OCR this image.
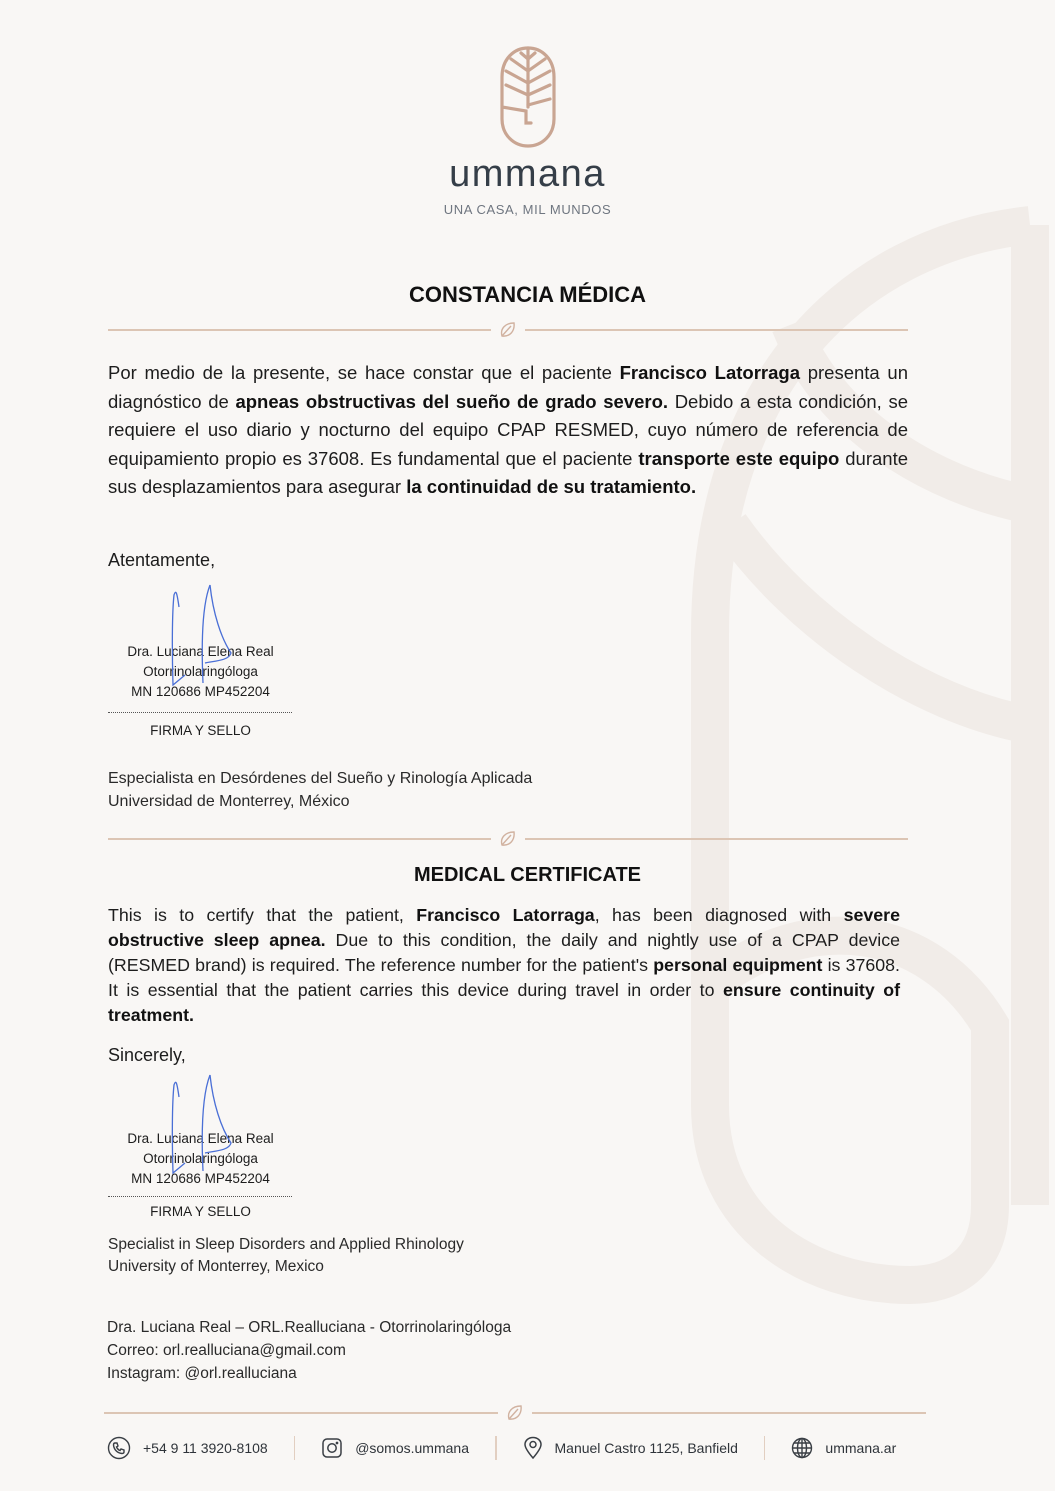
ummana
UNA CASA, MIL MUNDOS
CONSTANCIA MÉDICA
Por medio de la presente, se hace constar que el paciente Francisco Latorraga presenta un diagnóstico de apneas obstructivas del sueño de grado severo. Debido a esta condición, se requiere el uso diario y nocturno del equipo CPAP RESMED, cuyo número de referencia de equipamiento propio es 37608. Es fundamental que el paciente transporte este equipo durante sus desplazamientos para asegurar la continuidad de su tratamiento.
Atentamente,
Dra. Luciana Elena Real
Otorrinolaringóloga
MN 120686 MP452204
FIRMA Y SELLO
Especialista en Desórdenes del Sueño y Rinología Aplicada
Universidad de Monterrey, México
MEDICAL CERTIFICATE
This is to certify that the patient, Francisco Latorraga, has been diagnosed with severe obstructive sleep apnea. Due to this condition, the daily and nightly use of a CPAP device (RESMED brand) is required. The reference number for the patient's personal equipment is 37608. It is essential that the patient carries this device during travel in order to ensure continuity of treatment.
Sincerely,
Dra. Luciana Elena Real
Otorrinolaringóloga
MN 120686 MP452204
FIRMA Y SELLO
Specialist in Sleep Disorders and Applied Rhinology
University of Monterrey, Mexico
Dra. Luciana Real – ORL.Realluciana - Otorrinolaringóloga
Correo: orl.realluciana@gmail.com
Instagram: @orl.realluciana
+54 9 11 3920-8108	@somos.ummana	Manuel Castro 1125, Banfield	ummana.ar
